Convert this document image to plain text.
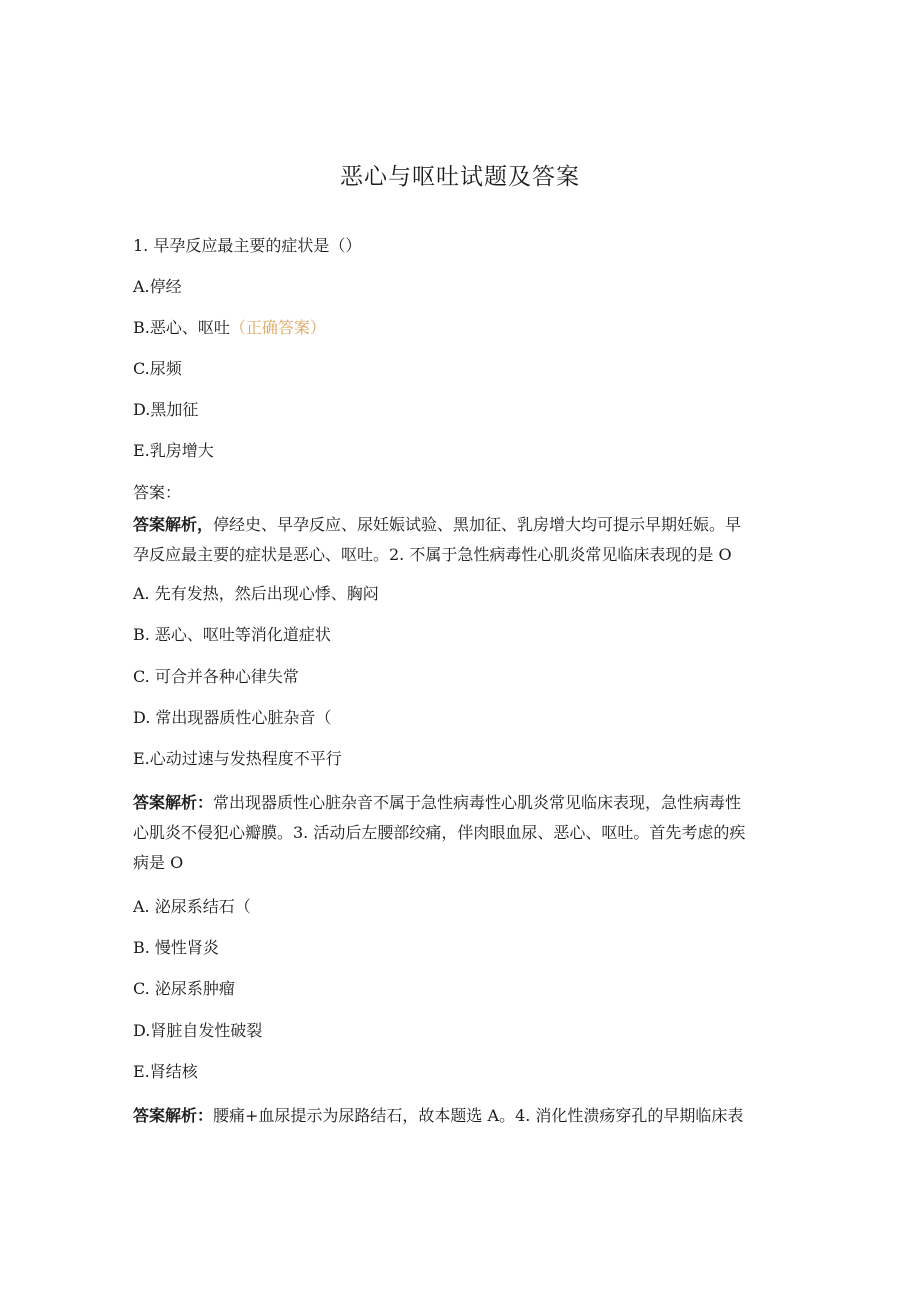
恶心与呕吐试题及答案
1. 早孕反应最主要的症状是（）
A.停经
B.恶心、呕吐（正确答案）
C.尿频
D.黑加征
E.乳房增大
答案：
答案解析，停经史、早孕反应、尿妊娠试验、黑加征、乳房增大均可提示早期妊娠。早
孕反应最主要的症状是恶心、呕吐。2. 不属于急性病毒性心肌炎常见临床表现的是 O
A. 先有发热，然后出现心悸、胸闷
B. 恶心、呕吐等消化道症状
C. 可合并各种心律失常
D. 常出现器质性心脏杂音（
E.心动过速与发热程度不平行
答案解析：常出现器质性心脏杂音不属于急性病毒性心肌炎常见临床表现，急性病毒性
心肌炎不侵犯心瓣膜。3. 活动后左腰部绞痛，伴肉眼血尿、恶心、呕吐。首先考虑的疾
病是 O
A. 泌尿系结石（
B. 慢性肾炎
C. 泌尿系肿瘤
D.肾脏自发性破裂
E.肾结核
答案解析：腰痛+血尿提示为尿路结石，故本题选 A。4. 消化性溃疡穿孔的早期临床表
